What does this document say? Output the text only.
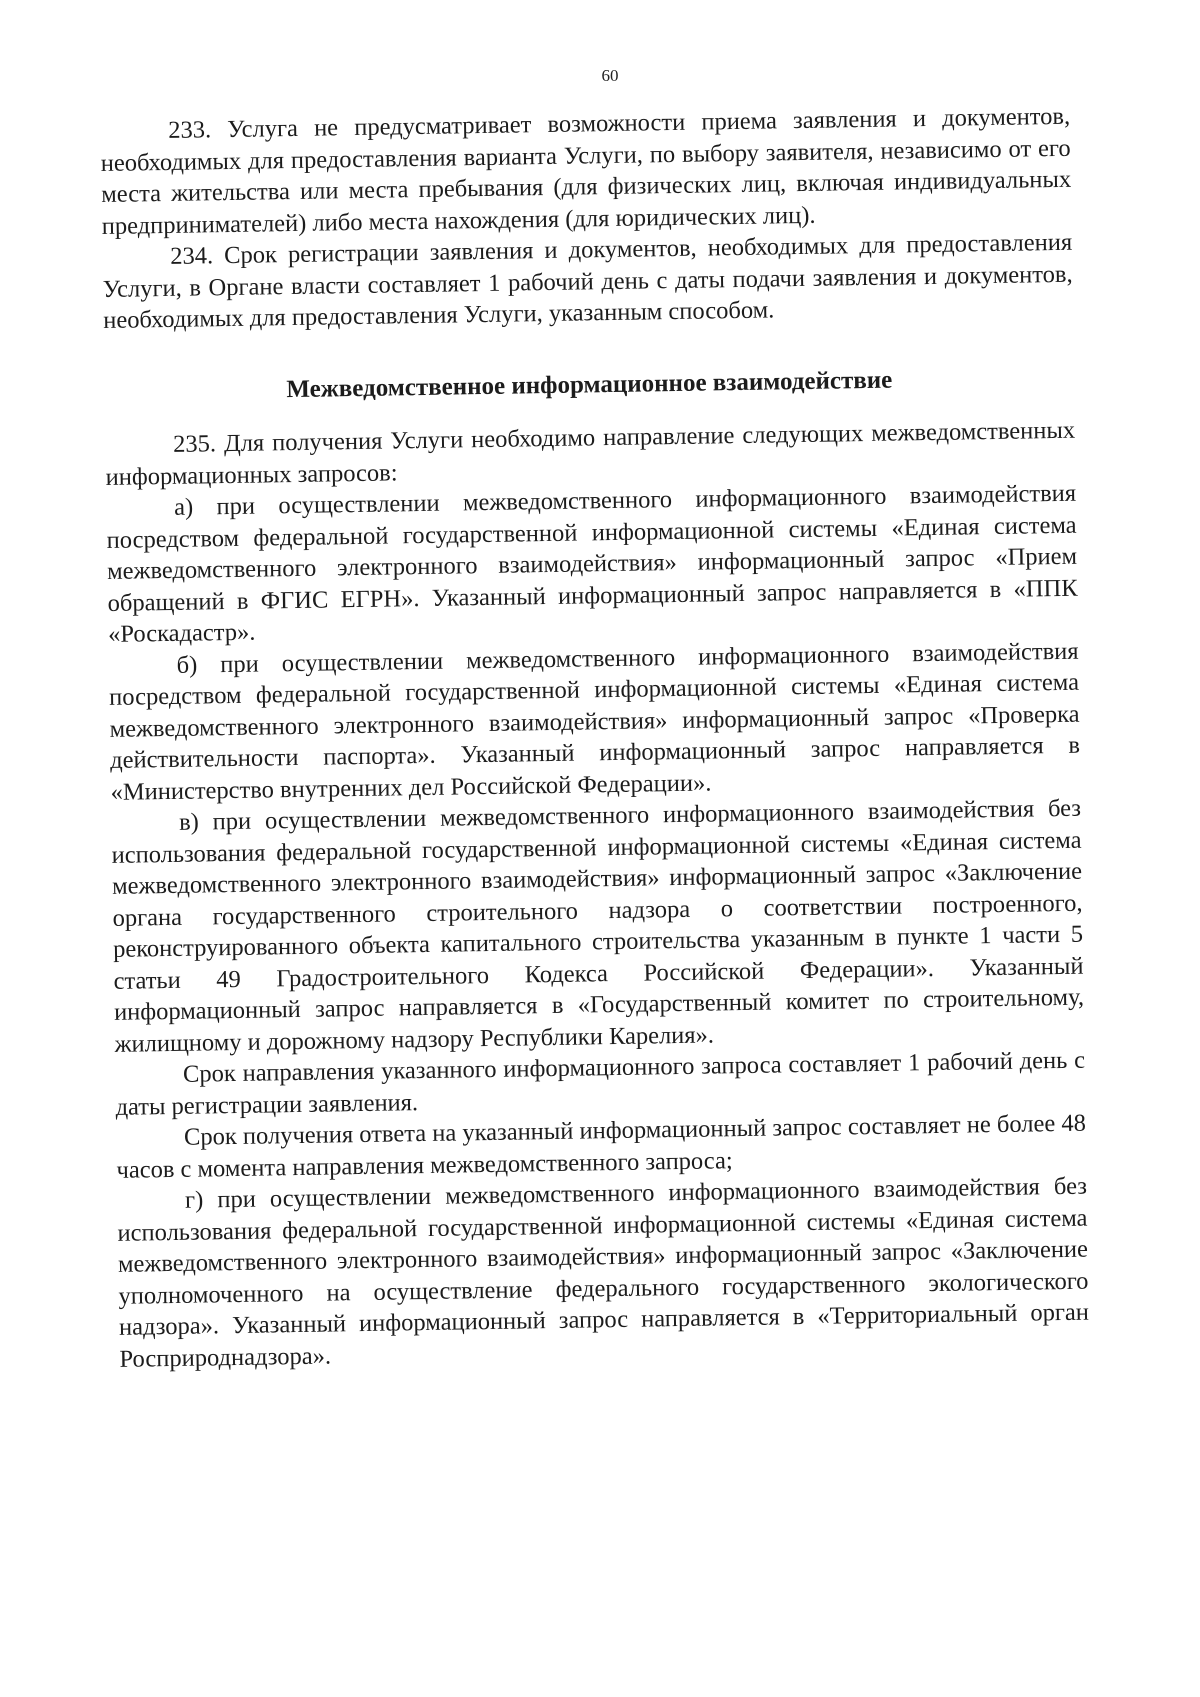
60

233. Услуга не предусматривает возможности приема заявления и документов, необходимых для предоставления варианта Услуги, по выбору заявителя, независимо от его места жительства или места пребывания (для физических лиц, включая индивидуальных предпринимателей) либо места нахождения (для юридических лиц).

234. Срок регистрации заявления и документов, необходимых для предоставления Услуги, в Органе власти составляет 1 рабочий день с даты подачи заявления и документов, необходимых для предоставления Услуги, указанным способом.

Межведомственное информационное взаимодействие

235. Для получения Услуги необходимо направление следующих межведомственных информационных запросов:

а) при осуществлении межведомственного информационного взаимодействия посредством федеральной государственной информационной системы «Единая система межведомственного электронного взаимодействия» информационный запрос «Прием обращений в ФГИС ЕГРН». Указанный информационный запрос направляется в «ППК «Роскадастр».

б) при осуществлении межведомственного информационного взаимодействия посредством федеральной государственной информационной системы «Единая система межведомственного электронного взаимодействия» информационный запрос «Проверка действительности паспорта». Указанный информационный запрос направляется в «Министерство внутренних дел Российской Федерации».

в) при осуществлении межведомственного информационного взаимодействия без использования федеральной государственной информационной системы «Единая система межведомственного электронного взаимодействия» информационный запрос «Заключение органа государственного строительного надзора о соответствии построенного, реконструированного объекта капитального строительства указанным в пункте 1 части 5 статьи 49 Градостроительного Кодекса Российской Федерации». Указанный информационный запрос направляется в «Государственный комитет по строительному, жилищному и дорожному надзору Республики Карелия».

Срок направления указанного информационного запроса составляет 1 рабочий день с даты регистрации заявления.

Срок получения ответа на указанный информационный запрос составляет не более 48 часов с момента направления межведомственного запроса;

г) при осуществлении межведомственного информационного взаимодействия без использования федеральной государственной информационной системы «Единая система межведомственного электронного взаимодействия» информационный запрос «Заключение уполномоченного на осуществление федерального государственного экологического надзора». Указанный информационный запрос направляется в «Территориальный орган Росприроднадзора».
